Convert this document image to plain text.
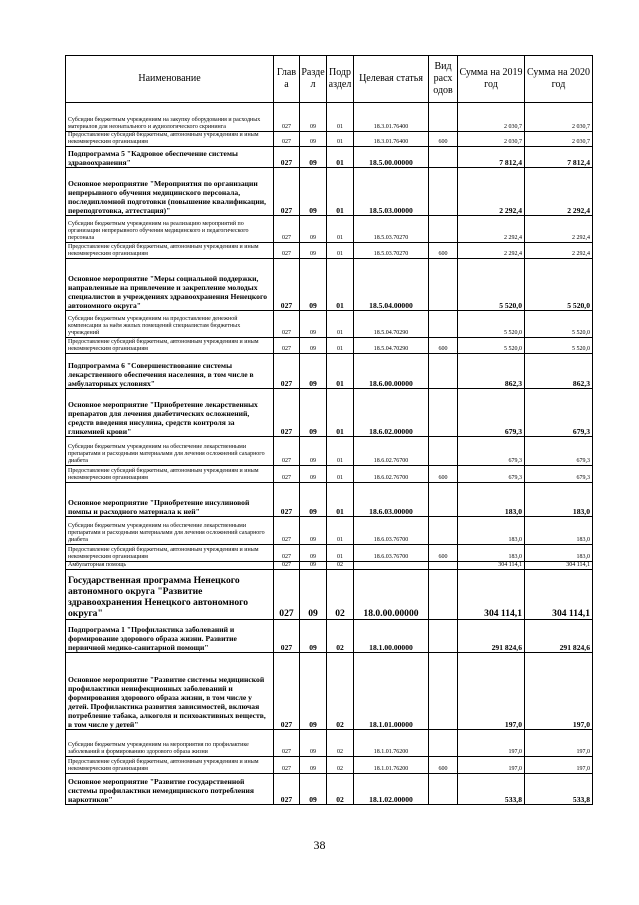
Наименование	Глав а	Разде л	Подр аздел	Целевая статья	Вид расх одов	Сумма на 2019 год	Сумма на 2020 год
Субсидии бюджетным учреждениям на закупку оборудования и расходных материалов для неонатального и аудиологического скрининга	027	09	01	18.3.01.76400		2 030,7	2 030,7
Предоставление субсидий бюджетным, автономным учреждениям и иным некоммерческим организациям	027	09	01	18.3.01.76400	600	2 030,7	2 030,7
Подпрограмма 5 "Кадровое обеспечение системы здравоохранения"	027	09	01	18.5.00.00000		7 812,4	7 812,4
Основное мероприятие "Мероприятия по организации непрерывного обучения медицинского персонала, последипломной подготовки (повышение квалификации, переподготовка, аттестация)"	027	09	01	18.5.03.00000		2 292,4	2 292,4
Субсидии бюджетным учреждениям на реализацию мероприятий по организации непрерывного обучения медицинского и педагогического персонала	027	09	01	18.5.03.70270		2 292,4	2 292,4
Предоставление субсидий бюджетным, автономным учреждениям и иным некоммерческим организациям	027	09	01	18.5.03.70270	600	2 292,4	2 292,4
Основное мероприятие "Меры социальной поддержки, направленные на привлечение и закрепление молодых специалистов в учреждениях здравоохранения Ненецкого автономного округа"	027	09	01	18.5.04.00000		5 520,0	5 520,0
Субсидии бюджетным учреждениям на предоставление денежной компенсации за наём жилых помещений специалистам бюджетных учреждений	027	09	01	18.5.04.70290		5 520,0	5 520,0
Предоставление субсидий бюджетным, автономным учреждениям и иным некоммерческим организациям	027	09	01	18.5.04.70290	600	5 520,0	5 520,0
Подпрограмма 6 "Совершенствование системы лекарственного обеспечения населения, в том числе в амбулаторных условиях"	027	09	01	18.6.00.00000		862,3	862,3
Основное мероприятие "Приобретение лекарственных препаратов для лечения диабетических осложнений, средств введения инсулина, средств контроля за гликемией крови"	027	09	01	18.6.02.00000		679,3	679,3
Субсидии бюджетным учреждениям на обеспечение лекарственными препаратами и расходными материалами для лечения осложнений сахарного диабета	027	09	01	18.6.02.76700		679,3	679,3
Предоставление субсидий бюджетным, автономным учреждениям и иным некоммерческим организациям	027	09	01	18.6.02.76700	600	679,3	679,3
Основное мероприятие "Приобретение инсулиновой помпы и расходного материала к ней"	027	09	01	18.6.03.00000		183,0	183,0
Субсидии бюджетным учреждениям на обеспечение лекарственными препаратами и расходными материалами для лечения осложнений сахарного диабета	027	09	01	18.6.03.76700		183,0	183,0
Предоставление субсидий бюджетным, автономным учреждениям и иным некоммерческим организациям	027	09	01	18.6.03.76700	600	183,0	183,0
Амбулаторная помощь	027	09	02			304 114,1	304 114,1
Государственная программа Ненецкого автономного округа "Развитие здравоохранения Ненецкого автономного округа"	027	09	02	18.0.00.00000		304 114,1	304 114,1
Подпрограмма 1 "Профилактика заболеваний и формирование здорового образа жизни. Развитие первичной медико-санитарной помощи"	027	09	02	18.1.00.00000		291 824,6	291 824,6
Основное мероприятие "Развитие системы медицинской профилактики неинфекционных заболеваний и формирования здорового образа жизни, в том числе у детей. Профилактика развития зависимостей, включая потребление табака, алкоголя и психоактивных веществ, в том числе у детей"	027	09	02	18.1.01.00000		197,0	197,0
Субсидии бюджетным учреждениям на мероприятия по профилактике заболеваний и формированию здорового образа жизни	027	09	02	18.1.01.76200		197,0	197,0
Предоставление субсидий бюджетным, автономным учреждениям и иным некоммерческим организациям	027	09	02	18.1.01.76200	600	197,0	197,0
Основное мероприятие "Развитие государственной системы профилактики немедицинского потребления наркотиков"	027	09	02	18.1.02.00000		533,8	533,8
38
